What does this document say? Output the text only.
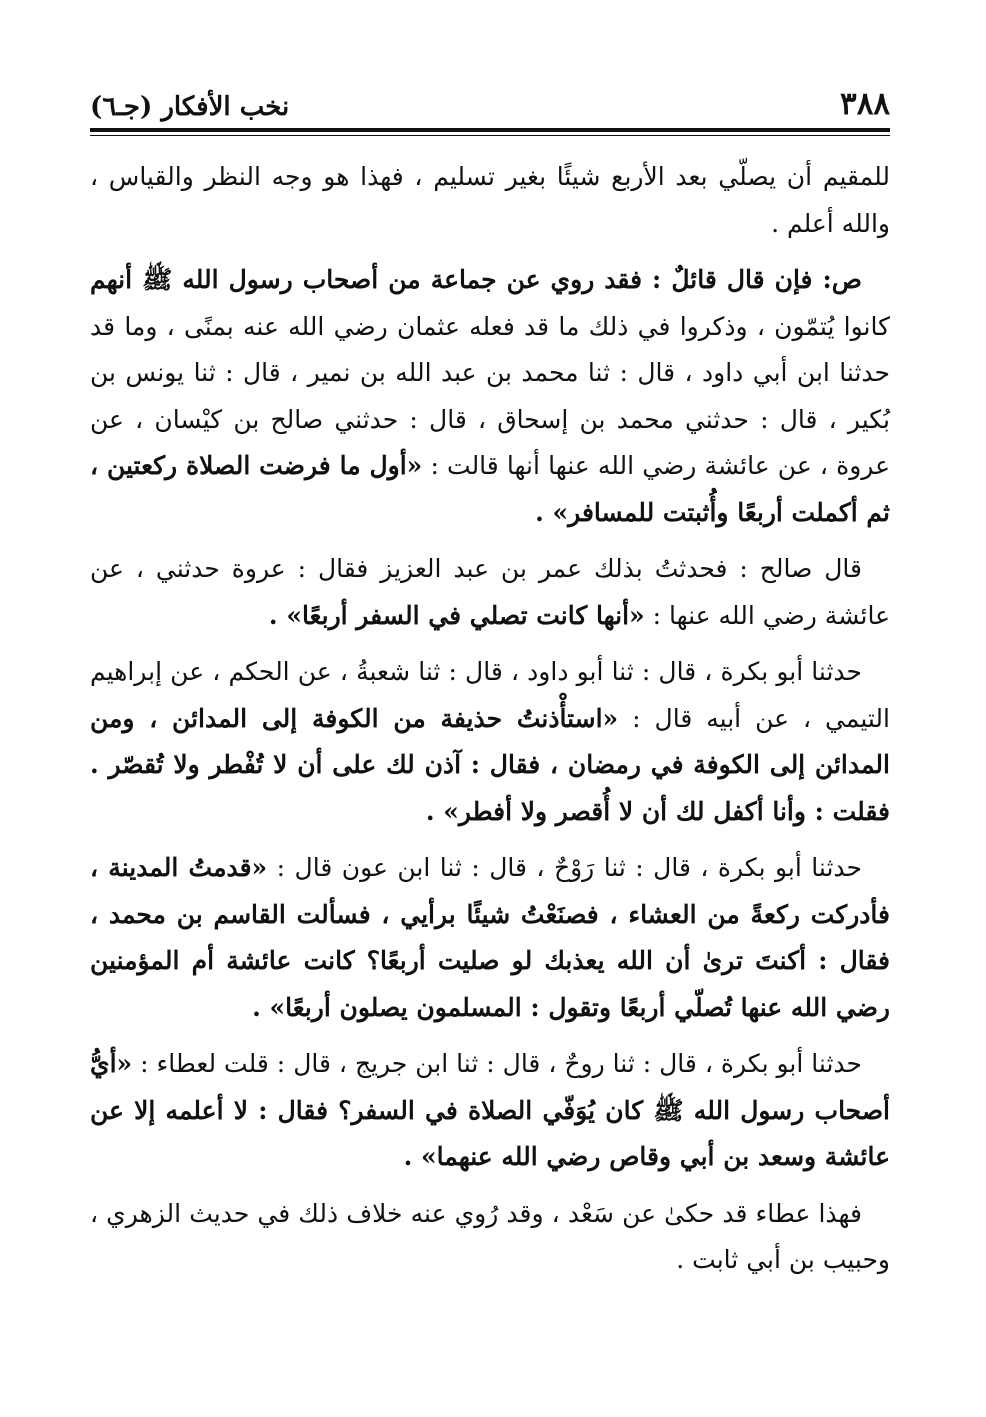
٣٨٨
نخب الأفكار (جـ٦)

للمقيم أن يصلّي بعد الأربع شيئًا بغير تسليم ، فهذا هو وجه النظر والقياس ، والله أعلم .

ص: فإن قال قائلٌ : فقد روي عن جماعة من أصحاب رسول الله ﷺ أنهم كانوا يُتمّون ، وذكروا في ذلك ما قد فعله عثمان رضي الله عنه بمنًى ، وما قد حدثنا ابن أبي داود ، قال : ثنا محمد بن عبد الله بن نمير ، قال : ثنا يونس بن بُكير ، قال : حدثني محمد بن إسحاق ، قال : حدثني صالح بن كيْسان ، عن عروة ، عن عائشة رضي الله عنها أنها قالت : «أول ما فرضت الصلاة ركعتين ، ثم أكملت أربعًا وأُثبتت للمسافر» .

قال صالح : فحدثتُ بذلك عمر بن عبد العزيز فقال : عروة حدثني ، عن عائشة رضي الله عنها : «أنها كانت تصلي في السفر أربعًا» .

حدثنا أبو بكرة ، قال : ثنا أبو داود ، قال : ثنا شعبةُ ، عن الحكم ، عن إبراهيم التيمي ، عن أبيه قال : «استأْذنتُ حذيفة من الكوفة إلى المدائن ، ومن المدائن إلى الكوفة في رمضان ، فقال : آذن لك على أن لا تُفْطر ولا تُقصّر . فقلت : وأنا أكفل لك أن لا أُقصر ولا أفطر» .

حدثنا أبو بكرة ، قال : ثنا رَوْحٌ ، قال : ثنا ابن عون قال : «قدمتُ المدينة ، فأدركت ركعةً من العشاء ، فصنَعْتُ شيئًا برأيي ، فسألت القاسم بن محمد ، فقال : أكنتَ ترىٰ أن الله يعذبك لو صليت أربعًا؟ كانت عائشة أم المؤمنين رضي الله عنها تُصلّي أربعًا وتقول : المسلمون يصلون أربعًا» .

حدثنا أبو بكرة ، قال : ثنا روحٌ ، قال : ثنا ابن جريج ، قال : قلت لعطاء : «أيُّ أصحاب رسول الله ﷺ كان يُوَفّي الصلاة في السفر؟ فقال : لا أعلمه إلا عن عائشة وسعد بن أبي وقاص رضي الله عنهما» .

فهذا عطاء قد حكىٰ عن سَعْد ، وقد رُوي عنه خلاف ذلك في حديث الزهري ، وحبيب بن أبي ثابت .
